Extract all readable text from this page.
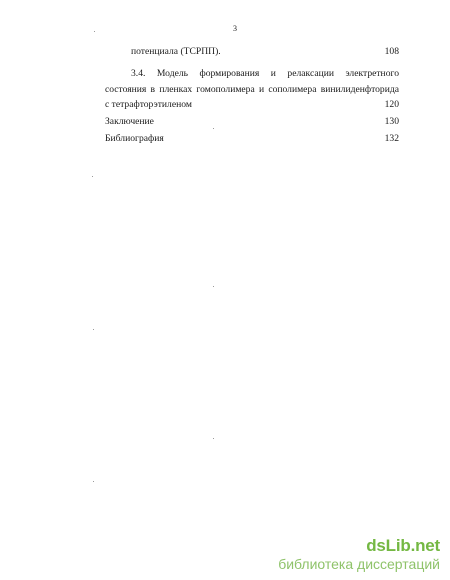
3
потенциала (ТСРПП).	108
3.4. Модель формирования и релаксации электретного
состояния в пленках гомополимера и сополимера винилиденфторида
с тетрафторэтиленом	120
Заключение	130
Библиография	132
dsLib.net
библиотека диссертаций
